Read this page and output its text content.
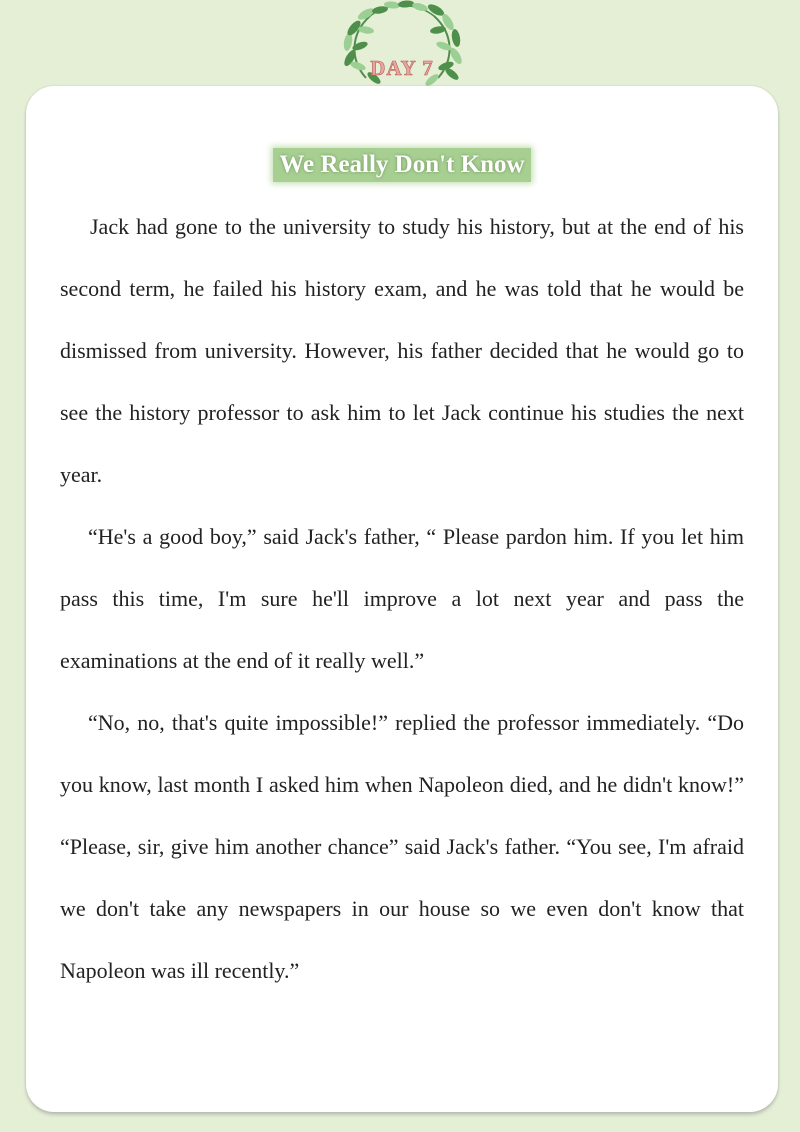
DAY 7
We Really Don't Know

Jack had gone to the university to study his history, but at the end of his second term, he failed his history exam, and he was told that he would be dismissed from university. However, his father decided that he would go to see the history professor to ask him to let Jack continue his studies the next year.

“He's a good boy,” said Jack's father, “ Please pardon him. If you let him pass this time, I'm sure he'll improve a lot next year and pass the examinations at the end of it really well.”

“No, no, that's quite impossible!” replied the professor immediately. “Do you know, last month I asked him when Napoleon died, and he didn't know!” “Please, sir, give him another chance” said Jack's father. “You see, I'm afraid we don't take any newspapers in our house so we even don't know that Napoleon was ill recently.”
